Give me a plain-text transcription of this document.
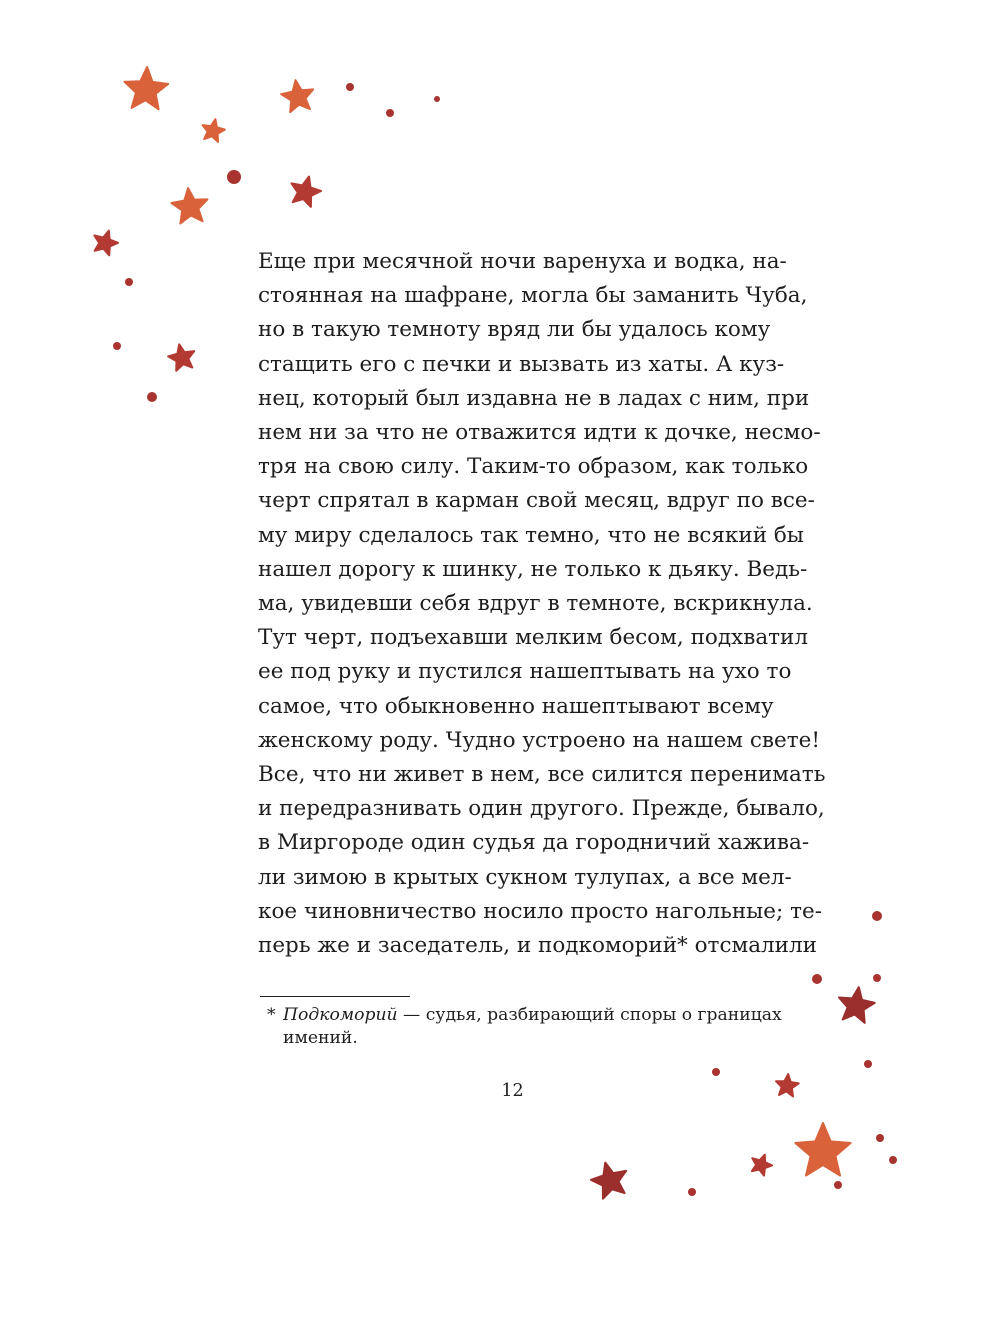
Еще при месячной ночи варенуха и водка, на-
стоянная на шафране, могла бы заманить Чуба,
но в такую темноту вряд ли бы удалось кому
стащить его с печки и вызвать из хаты. А куз-
нец, который был издавна не в ладах с ним, при
нем ни за что не отважится идти к дочке, несмо-
тря на свою силу. Таким-то образом, как только
черт спрятал в карман свой месяц, вдруг по все-
му миру сделалось так темно, что не всякий бы
нашел дорогу к шинку, не только к дьяку. Ведь-
ма, увидевши себя вдруг в темноте, вскрикнула.
Тут черт, подъехавши мелким бесом, подхватил
ее под руку и пустился нашептывать на ухо то
самое, что обыкновенно нашептывают всему
женскому роду. Чудно устроено на нашем свете!
Все, что ни живет в нем, все силится перенимать
и передразнивать один другого. Прежде, бывало,
в Миргороде один судья да городничий хажива-
ли зимою в крытых сукном тулупах, а все мел-
кое чиновничество носило просто нагольные; те-
перь же и заседатель, и подкоморий* отсмалили
* Подкоморий — судья, разбирающий споры о границах
имений.
12
